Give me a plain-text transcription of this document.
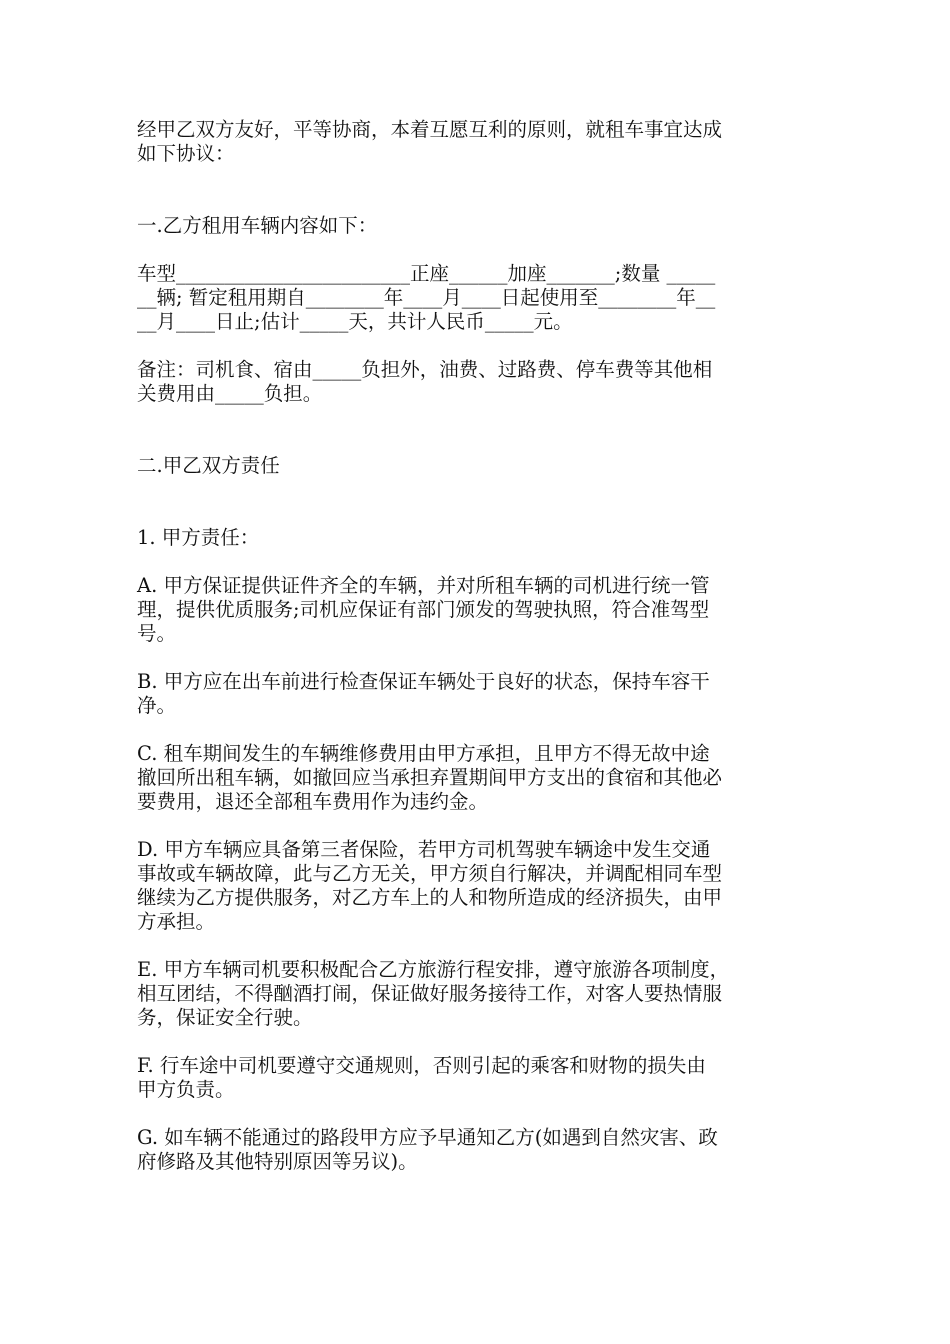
经甲乙双方友好，平等协商，本着互愿互利的原则，就租车事宜达成
如下协议：
一.乙方租用车辆内容如下：
车型________________________正座______加座_______;数量 _____
__辆; 暂定租用期自________年____月____日起使用至________年__
__月____日止;估计_____天，共计人民币_____元。
备注：司机食、宿由_____负担外，油费、过路费、停车费等其他相
关费用由_____负担。
二.甲乙双方责任
1. 甲方责任：
A. 甲方保证提供证件齐全的车辆，并对所租车辆的司机进行统一管
理，提供优质服务;司机应保证有部门颁发的驾驶执照，符合准驾型
号。
B. 甲方应在出车前进行检查保证车辆处于良好的状态，保持车容干
净。
C. 租车期间发生的车辆维修费用由甲方承担，且甲方不得无故中途
撤回所出租车辆，如撤回应当承担弃置期间甲方支出的食宿和其他必
要费用，退还全部租车费用作为违约金。
D. 甲方车辆应具备第三者保险，若甲方司机驾驶车辆途中发生交通
事故或车辆故障，此与乙方无关，甲方须自行解决，并调配相同车型
继续为乙方提供服务，对乙方车上的人和物所造成的经济损失，由甲
方承担。
E. 甲方车辆司机要积极配合乙方旅游行程安排，遵守旅游各项制度，
相互团结，不得酗酒打闹，保证做好服务接待工作，对客人要热情服
务，保证安全行驶。
F. 行车途中司机要遵守交通规则，否则引起的乘客和财物的损失由
甲方负责。
G. 如车辆不能通过的路段甲方应予早通知乙方(如遇到自然灾害、政
府修路及其他特别原因等另议)。
